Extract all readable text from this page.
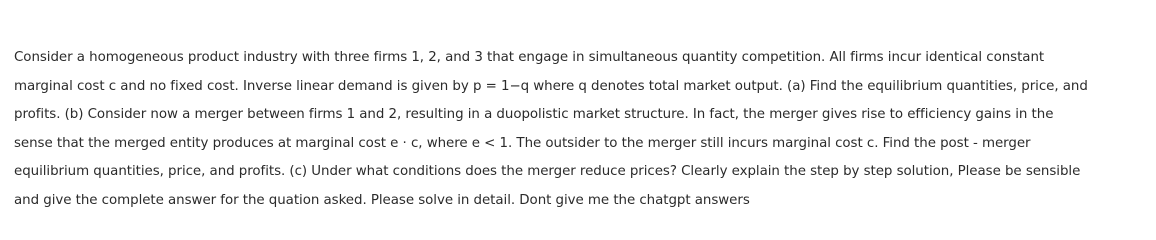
Consider a homogeneous product industry with three firms 1, 2, and 3 that engage in simultaneous quantity competition. All firms incur identical constant
marginal cost c and no fixed cost. Inverse linear demand is given by p = 1−q where q denotes total market output. (a) Find the equilibrium quantities, price, and
profits. (b) Consider now a merger between firms 1 and 2, resulting in a duopolistic market structure. In fact, the merger gives rise to efficiency gains in the
sense that the merged entity produces at marginal cost e · c, where e < 1. The outsider to the merger still incurs marginal cost c. Find the post - merger
equilibrium quantities, price, and profits. (c) Under what conditions does the merger reduce prices? Clearly explain the step by step solution, Please be sensible
and give the complete answer for the quation asked. Please solve in detail. Dont give me the chatgpt answers
